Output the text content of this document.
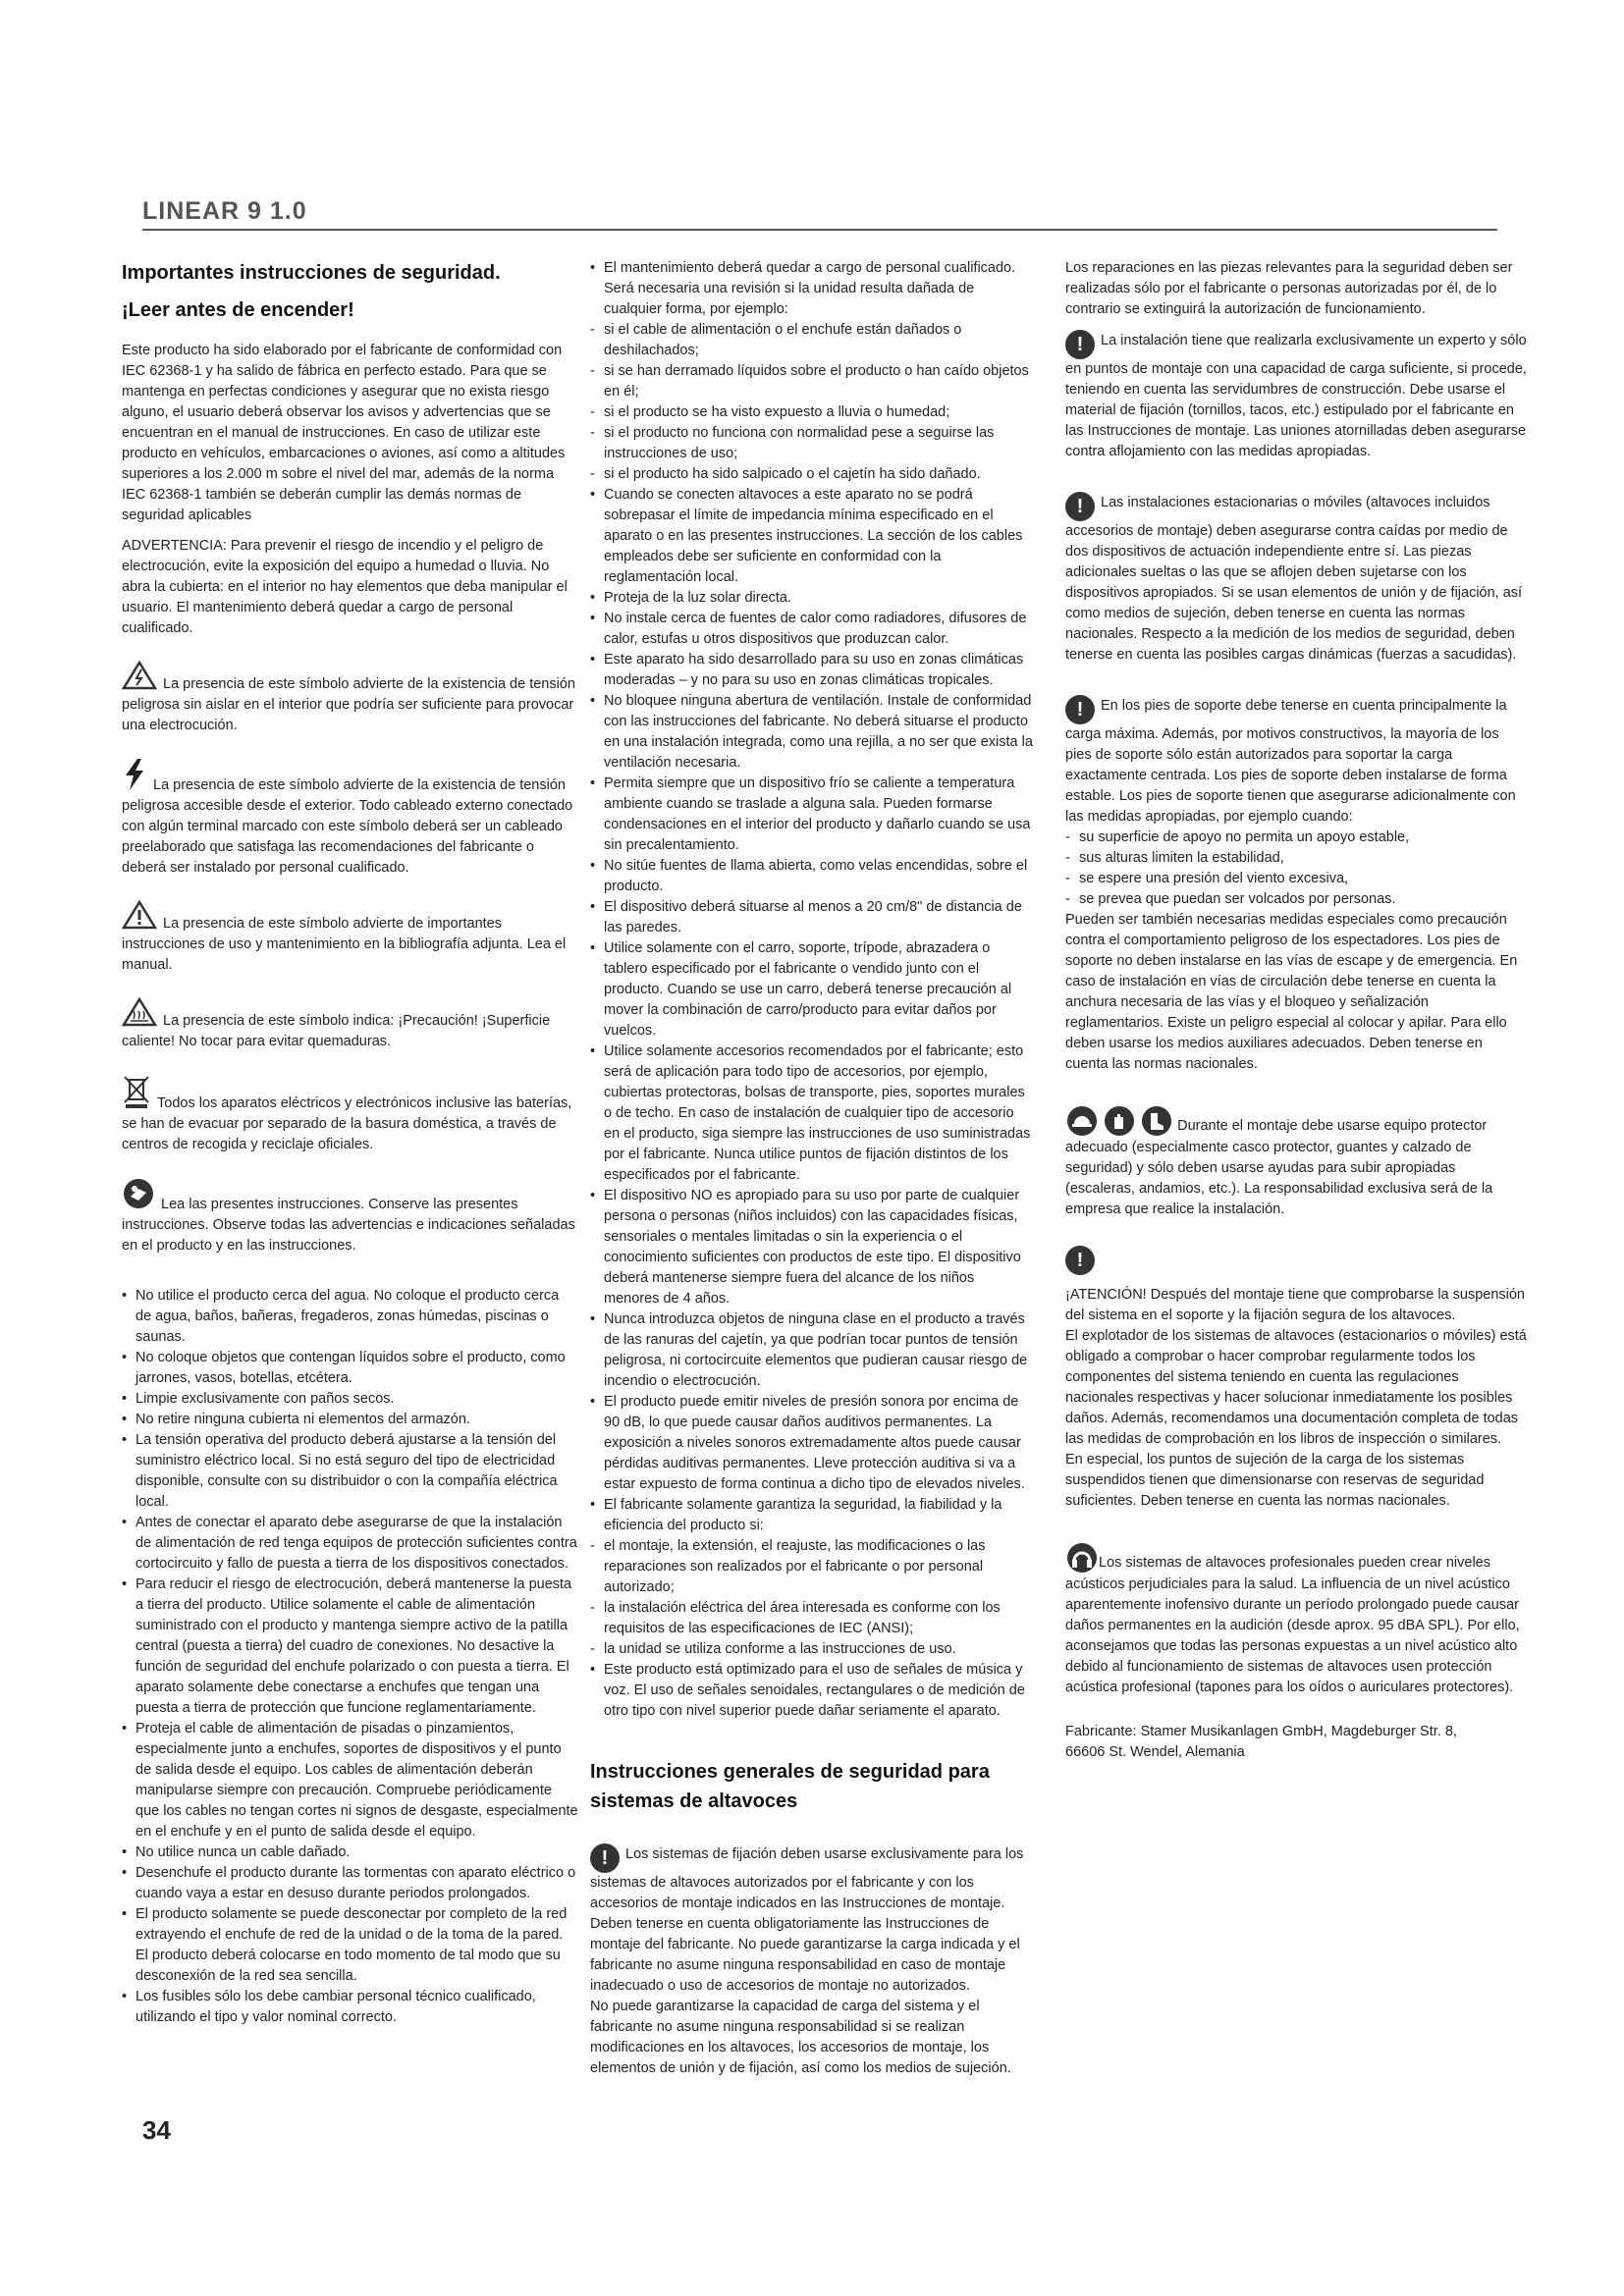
LINEAR 9 1.0
Importantes instrucciones de seguridad.
¡Leer antes de encender!

Este producto ha sido elaborado por el fabricante de conformidad con IEC 62368-1 y ha salido de fábrica en perfecto estado. Para que se mantenga en perfectas condiciones y asegurar que no exista riesgo alguno, el usuario deberá observar los avisos y advertencias que se encuentran en el manual de instrucciones. En caso de utilizar este producto en vehículos, embarcaciones o aviones, así como a altitudes superiores a los 2.000 m sobre el nivel del mar, además de la norma IEC 62368-1 también se deberán cumplir las demás normas de seguridad aplicables

ADVERTENCIA: Para prevenir el riesgo de incendio y el peligro de electrocución, evite la exposición del equipo a humedad o lluvia. No abra la cubierta: en el interior no hay elementos que deba manipular el usuario. El mantenimiento deberá quedar a cargo de personal cualificado.

La presencia de este símbolo advierte de la existencia de tensión peligrosa sin aislar en el interior que podría ser suficiente para provocar una electrocución.
La presencia de este símbolo advierte de la existencia de tensión peligrosa accesible desde el exterior. Todo cableado externo conectado con algún terminal marcado con este símbolo deberá ser un cableado preelaborado que satisfaga las recomendaciones del fabricante o deberá ser instalado por personal cualificado.
La presencia de este símbolo advierte de importantes instrucciones de uso y mantenimiento en la bibliografía adjunta. Lea el manual.
La presencia de este símbolo indica: ¡Precaución! ¡Superficie caliente! No tocar para evitar quemaduras.
Todos los aparatos eléctricos y electrónicos inclusive las baterías, se han de evacuar por separado de la basura doméstica, a través de centros de recogida y reciclaje oficiales.
Lea las presentes instrucciones. Conserve las presentes instrucciones. Observe todas las advertencias e indicaciones señaladas en el producto y en las instrucciones.
• No utilice el producto cerca del agua. No coloque el producto cerca de agua, baños, bañeras, fregaderos, zonas húmedas, piscinas o saunas.
• No coloque objetos que contengan líquidos sobre el producto, como jarrones, vasos, botellas, etcétera.
• Limpie exclusivamente con paños secos.
• No retire ninguna cubierta ni elementos del armazón.
• La tensión operativa del producto deberá ajustarse a la tensión del suministro eléctrico local. Si no está seguro del tipo de electricidad disponible, consulte con su distribuidor o con la compañía eléctrica local.
• Antes de conectar el aparato debe asegurarse de que la instalación de alimentación de red tenga equipos de protección suficientes contra cortocircuito y fallo de puesta a tierra de los dispositivos conectados.
• Para reducir el riesgo de electrocución, deberá mantenerse la puesta a tierra del producto. Utilice solamente el cable de alimentación suministrado con el producto y mantenga siempre activo de la patilla central (puesta a tierra) del cuadro de conexiones. No desactive la función de seguridad del enchufe polarizado o con puesta a tierra. El aparato solamente debe conectarse a enchufes que tengan una puesta a tierra de protección que funcione reglamentariamente.
• Proteja el cable de alimentación de pisadas o pinzamientos, especialmente junto a enchufes, soportes de dispositivos y el punto de salida desde el equipo. Los cables de alimentación deberán manipularse siempre con precaución. Compruebe periódicamente que los cables no tengan cortes ni signos de desgaste, especialmente en el enchufe y en el punto de salida desde el equipo.
• No utilice nunca un cable dañado.
• Desenchufe el producto durante las tormentas con aparato eléctrico o cuando vaya a estar en desuso durante periodos prolongados.
• El producto solamente se puede desconectar por completo de la red extrayendo el enchufe de red de la unidad o de la toma de la pared. El producto deberá colocarse en todo momento de tal modo que su desconexión de la red sea sencilla.
• Los fusibles sólo los debe cambiar personal técnico cualificado, utilizando el tipo y valor nominal correcto.
• El mantenimiento deberá quedar a cargo de personal cualificado. Será necesaria una revisión si la unidad resulta dañada de cualquier forma, por ejemplo:
- si el cable de alimentación o el enchufe están dañados o deshilachados;
- si se han derramado líquidos sobre el producto o han caído objetos en él;
- si el producto se ha visto expuesto a lluvia o humedad;
- si el producto no funciona con normalidad pese a seguirse las instrucciones de uso;
- si el producto ha sido salpicado o el cajetín ha sido dañado.
• Cuando se conecten altavoces a este aparato no se podrá sobrepasar el límite de impedancia mínima especificado en el aparato o en las presentes instrucciones. La sección de los cables empleados debe ser suficiente en conformidad con la reglamentación local.
• Proteja de la luz solar directa.
• No instale cerca de fuentes de calor como radiadores, difusores de calor, estufas u otros dispositivos que produzcan calor.
• Este aparato ha sido desarrollado para su uso en zonas climáticas moderadas – y no para su uso en zonas climáticas tropicales.
• No bloquee ninguna abertura de ventilación. Instale de conformidad con las instrucciones del fabricante. No deberá situarse el producto en una instalación integrada, como una rejilla, a no ser que exista la ventilación necesaria.
• Permita siempre que un dispositivo frío se caliente a temperatura ambiente cuando se traslade a alguna sala. Pueden formarse condensaciones en el interior del producto y dañarlo cuando se usa sin precalentamiento.
• No sitúe fuentes de llama abierta, como velas encendidas, sobre el producto.
• El dispositivo deberá situarse al menos a 20 cm/8" de distancia de las paredes.
• Utilice solamente con el carro, soporte, trípode, abrazadera o tablero especificado por el fabricante o vendido junto con el producto. Cuando se use un carro, deberá tenerse precaución al mover la combinación de carro/producto para evitar daños por vuelcos.
• Utilice solamente accesorios recomendados por el fabricante; esto será de aplicación para todo tipo de accesorios, por ejemplo, cubiertas protectoras, bolsas de transporte, pies, soportes murales o de techo. En caso de instalación de cualquier tipo de accesorio en el producto, siga siempre las instrucciones de uso suministradas por el fabricante. Nunca utilice puntos de fijación distintos de los especificados por el fabricante.
• El dispositivo NO es apropiado para su uso por parte de cualquier persona o personas (niños incluidos) con las capacidades físicas, sensoriales o mentales limitadas o sin la experiencia o el conocimiento suficientes con productos de este tipo. El dispositivo deberá mantenerse siempre fuera del alcance de los niños menores de 4 años.
• Nunca introduzca objetos de ninguna clase en el producto a través de las ranuras del cajetín, ya que podrían tocar puntos de tensión peligrosa, ni cortocircuite elementos que pudieran causar riesgo de incendio o electrocución.
• El producto puede emitir niveles de presión sonora por encima de 90 dB, lo que puede causar daños auditivos permanentes. La exposición a niveles sonoros extremadamente altos puede causar pérdidas auditivas permanentes. Lleve protección auditiva si va a estar expuesto de forma continua a dicho tipo de elevados niveles.
• El fabricante solamente garantiza la seguridad, la fiabilidad y la eficiencia del producto si:
- el montaje, la extensión, el reajuste, las modificaciones o las reparaciones son realizados por el fabricante o por personal autorizado;
- la instalación eléctrica del área interesada es conforme con los requisitos de las especificaciones de IEC (ANSI);
- la unidad se utiliza conforme a las instrucciones de uso.
• Este producto está optimizado para el uso de señales de música y voz. El uso de señales senoidales, rectangulares o de medición de otro tipo con nivel superior puede dañar seriamente el aparato.
Instrucciones generales de seguridad para sistemas de altavoces
! Los sistemas de fijación deben usarse exclusivamente para los sistemas de altavoces autorizados por el fabricante y con los accesorios de montaje indicados en las Instrucciones de montaje. Deben tenerse en cuenta obligatoriamente las Instrucciones de montaje del fabricante. No puede garantizarse la carga indicada y el fabricante no asume ninguna responsabilidad en caso de montaje inadecuado o uso de accesorios de montaje no autorizados.

No puede garantizarse la capacidad de carga del sistema y el fabricante no asume ninguna responsabilidad si se realizan modificaciones en los altavoces, los accesorios de montaje, los elementos de unión y de fijación, así como los medios de sujeción.

Los reparaciones en las piezas relevantes para la seguridad deben ser realizadas sólo por el fabricante o personas autorizadas por él, de lo contrario se extinguirá la autorización de funcionamiento.

! La instalación tiene que realizarla exclusivamente un experto y sólo en puntos de montaje con una capacidad de carga suficiente, si procede, teniendo en cuenta las servidumbres de construcción. Debe usarse el material de fijación (tornillos, tacos, etc.) estipulado por el fabricante en las Instrucciones de montaje. Las uniones atornilladas deben asegurarse contra aflojamiento con las medidas apropiadas.
! Las instalaciones estacionarias o móviles (altavoces incluidos accesorios de montaje) deben asegurarse contra caídas por medio de dos dispositivos de actuación independiente entre sí. Las piezas adicionales sueltas o las que se aflojen deben sujetarse con los dispositivos apropiados. Si se usan elementos de unión y de fijación, así como medios de sujeción, deben tenerse en cuenta las normas nacionales. Respecto a la medición de los medios de seguridad, deben tenerse en cuenta las posibles cargas dinámicas (fuerzas a sacudidas).
! En los pies de soporte debe tenerse en cuenta principalmente la carga máxima. Además, por motivos constructivos, la mayoría de los pies de soporte sólo están autorizados para soportar la carga exactamente centrada. Los pies de soporte deben instalarse de forma estable. Los pies de soporte tienen que asegurarse adicionalmente con las medidas apropiadas, por ejemplo cuando:
- su superficie de apoyo no permita un apoyo estable,
- sus alturas limiten la estabilidad,
- se espere una presión del viento excesiva,
- se prevea que puedan ser volcados por personas.

Pueden ser también necesarias medidas especiales como precaución contra el comportamiento peligroso de los espectadores. Los pies de soporte no deben instalarse en las vías de escape y de emergencia. En caso de instalación en vías de circulación debe tenerse en cuenta la anchura necesaria de las vías y el bloqueo y señalización reglamentarios. Existe un peligro especial al colocar y apilar. Para ello deben usarse los medios auxiliares adecuados. Deben tenerse en cuenta las normas nacionales.

Durante el montaje debe usarse equipo protector adecuado (especialmente casco protector, guantes y calzado de seguridad) y sólo deben usarse ayudas para subir apropiadas (escaleras, andamios, etc.). La responsabilidad exclusiva será de la empresa que realice la instalación.
!

¡ATENCIÓN! Después del montaje tiene que comprobarse la suspensión del sistema en el soporte y la fijación segura de los altavoces.

El explotador de los sistemas de altavoces (estacionarios o móviles) está obligado a comprobar o hacer comprobar regularmente todos los componentes del sistema teniendo en cuenta las regulaciones nacionales respectivas y hacer solucionar inmediatamente los posibles daños. Además, recomendamos una documentación completa de todas las medidas de comprobación en los libros de inspección o similares.

En especial, los puntos de sujeción de la carga de los sistemas suspendidos tienen que dimensionarse con reservas de seguridad suficientes. Deben tenerse en cuenta las normas nacionales.

Los sistemas de altavoces profesionales pueden crear niveles acústicos perjudiciales para la salud. La influencia de un nivel acústico aparentemente inofensivo durante un período prolongado puede causar daños permanentes en la audición (desde aprox. 95 dBA SPL). Por ello, aconsejamos que todas las personas expuestas a un nivel acústico alto debido al funcionamiento de sistemas de altavoces usen protección acústica profesional (tapones para los oídos o auriculares protectores).
Fabricante: Stamer Musikanlagen GmbH, Magdeburger Str. 8,
66606 St. Wendel, Alemania
34
